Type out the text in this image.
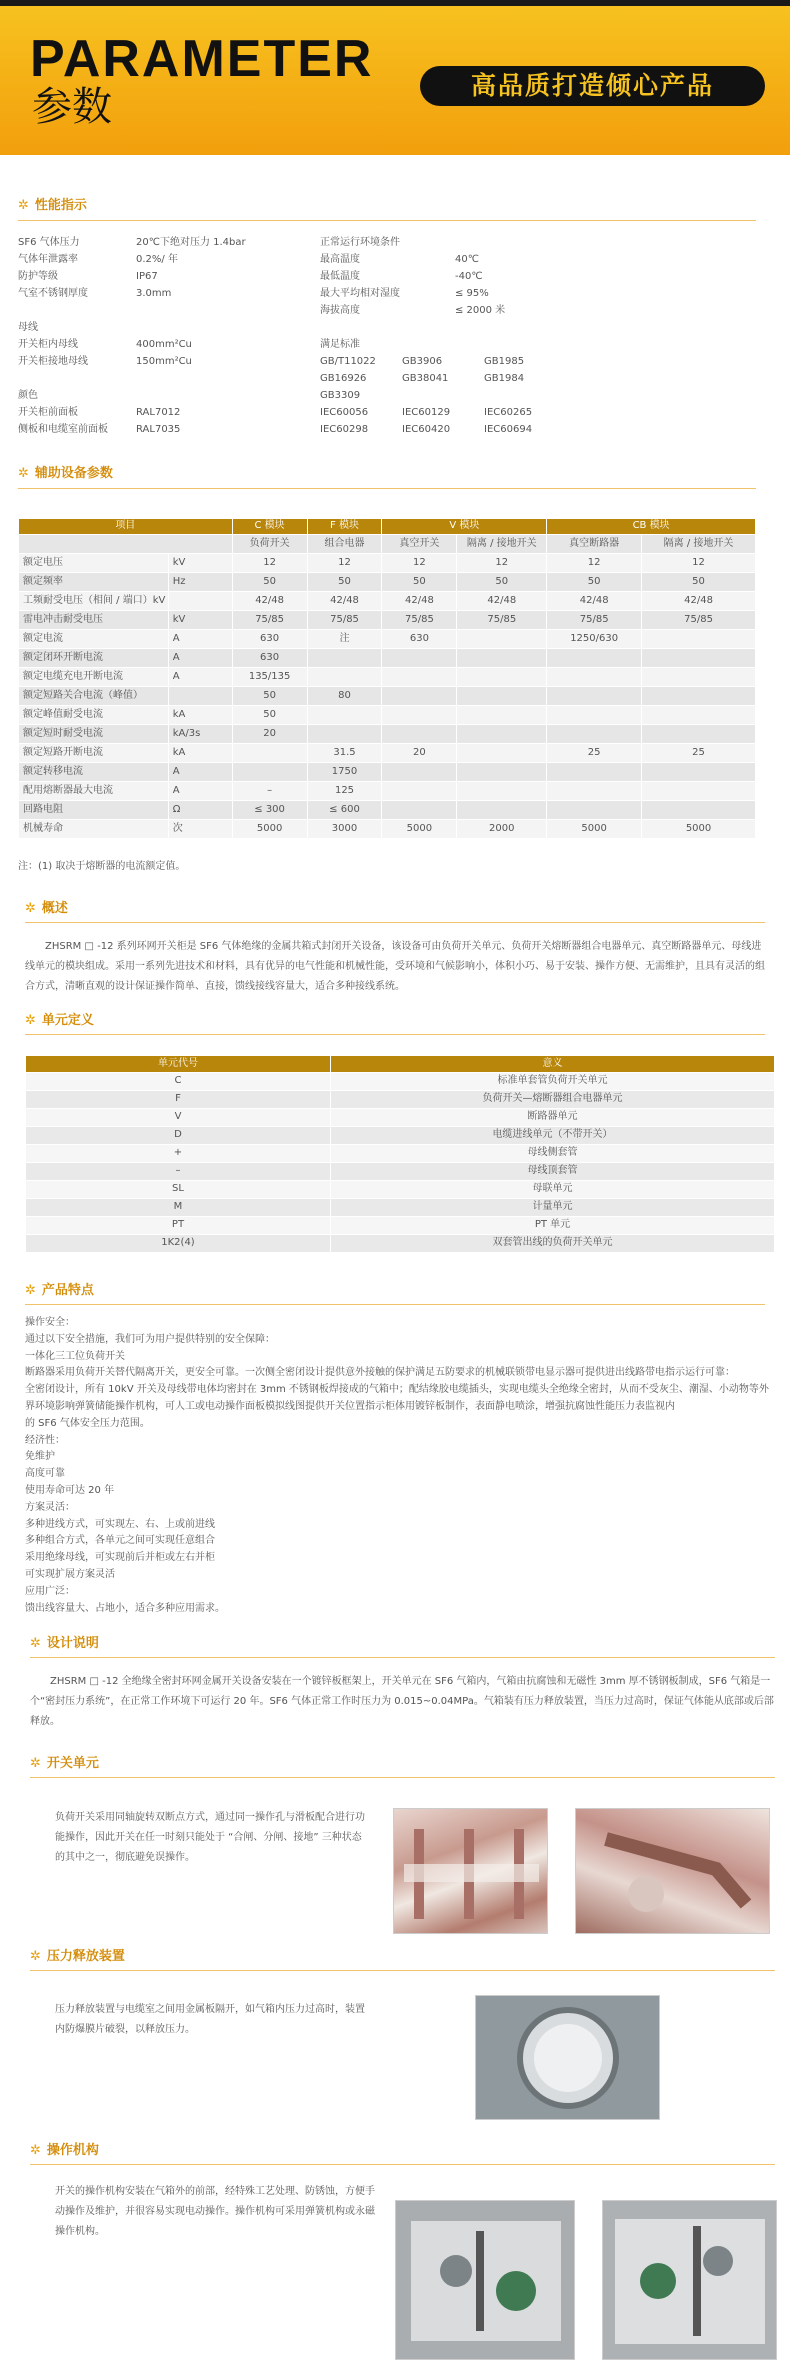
PARAMETER
参数	高品质打造倾心产品
✲ 性能指示
SF6 气体压力	20℃下绝对压力 1.4bar
气体年泄露率	0.2%/ 年
防护等级	IP67
气室不锈钢厚度	3.0mm
母线
开关柜内母线	400mm²Cu
开关柜接地母线	150mm²Cu
颜色
开关柜前面板	RAL7012
侧板和电缆室前面板	RAL7035
正常运行环境条件
最高温度	40℃
最低温度	-40℃
最大平均相对湿度	≤ 95%
海拔高度	≤ 2000 米
满足标准
GB/T11022	GB3906	GB1985
GB16926	GB38041	GB1984
GB3309
IEC60056	IEC60129	IEC60265
IEC60298	IEC60420	IEC60694
✲ 辅助设备参数
项目		C 模块	F 模块	V 模块		CB 模块	
		负荷开关	组合电器	真空开关	隔离 / 接地开关	真空断路器	隔离 / 接地开关
额定电压	kV	12	12	12	12	12	12
额定频率	Hz	50	50	50	50	50	50
工频耐受电压（相间 / 端口）kV		42/48	42/48	42/48	42/48	42/48	42/48
雷电冲击耐受电压	kV	75/85	75/85	75/85	75/85	75/85	75/85
额定电流	A	630	注	630		1250/630	
额定闭环开断电流	A	630					
额定电缆充电开断电流	A	135/135					
额定短路关合电流（峰值）		50	80				
额定峰值耐受电流	kA	50					
额定短时耐受电流	kA/3s	20					
额定短路开断电流	kA		31.5	20		25	25
额定转移电流	A		1750				
配用熔断器最大电流	A	–	125				
回路电阻	Ω	≤ 300	≤ 600				
机械寿命	次	5000	3000	5000	2000	5000	5000
注：(1) 取决于熔断器的电流额定值。
✲ 概述
ZHSRM □ -12 系列环网开关柜是 SF6 气体绝缘的金属共箱式封闭开关设备，该设备可由负荷开关单元、负荷开关熔断器组合电器单元、真空断路器单元、母线进线单元的模块组成。采用一系列先进技术和材料，具有优异的电气性能和机械性能，受环境和气候影响小，体积小巧、易于安装、操作方便、无需维护，且具有灵活的组合方式，清晰直观的设计保证操作简单、直接，馈线接线容量大，适合多种接线系统。
✲ 单元定义
单元代号	意义
C	标准单套管负荷开关单元
F	负荷开关—熔断器组合电器单元
V	断路器单元
D	电缆进线单元（不带开关）
+	母线侧套管
–	母线顶套管
SL	母联单元
M	计量单元
PT	PT 单元
1K2(4)	双套管出线的负荷开关单元
✲ 产品特点
操作安全：
通过以下安全措施，我们可为用户提供特别的安全保障：
一体化三工位负荷开关
断路器采用负荷开关替代隔离开关，更安全可靠。一次侧全密闭设计提供意外接触的保护满足五防要求的机械联锁带电显示器可提供进出线路带电指示运行可靠：
全密闭设计，所有 10kV 开关及母线带电体均密封在 3mm 不锈钢板焊接成的气箱中；配结缘胶电缆插头，实现电缆头全绝缘全密封，从而不受灰尘、潮湿、小动物等外界环境影响弹簧储能操作机构，可人工或电动操作面板模拟线图提供开关位置指示柜体用镀锌板制作，表面静电喷涂，增强抗腐蚀性能压力表监视内
的 SF6 气体安全压力范围。
经济性：
免维护
高度可靠
使用寿命可达 20 年
方案灵活：
多种进线方式，可实现左、右、上或前进线
多种组合方式，各单元之间可实现任意组合
采用绝缘母线，可实现前后并柜或左右并柜
可实现扩展方案灵活
应用广泛：
馈出线容量大、占地小，适合多种应用需求。
✲ 设计说明
ZHSRM □ -12 全绝缘全密封环网金属开关设备安装在一个镀锌板框架上，开关单元在 SF6 气箱内，气箱由抗腐蚀和无磁性 3mm 厚不锈钢板制成，SF6 气箱是一个“密封压力系统”，在正常工作环境下可运行 20 年。SF6 气体正常工作时压力为 0.015~0.04MPa。气箱装有压力释放装置，当压力过高时，保证气体能从底部或后部释放。
✲ 开关单元
负荷开关采用同轴旋转双断点方式，通过同一操作孔与滑板配合进行功能操作，因此开关在任一时刻只能处于 “合闸、分闸、接地” 三种状态的其中之一，彻底避免误操作。
✲ 压力释放装置
压力释放装置与电缆室之间用金属板隔开，如气箱内压力过高时，装置内防爆膜片破裂，以释放压力。
✲ 操作机构
开关的操作机构安装在气箱外的前部，经特殊工艺处理、防锈蚀，方便手动操作及维护，并很容易实现电动操作。操作机构可采用弹簧机构或永磁操作机构。
